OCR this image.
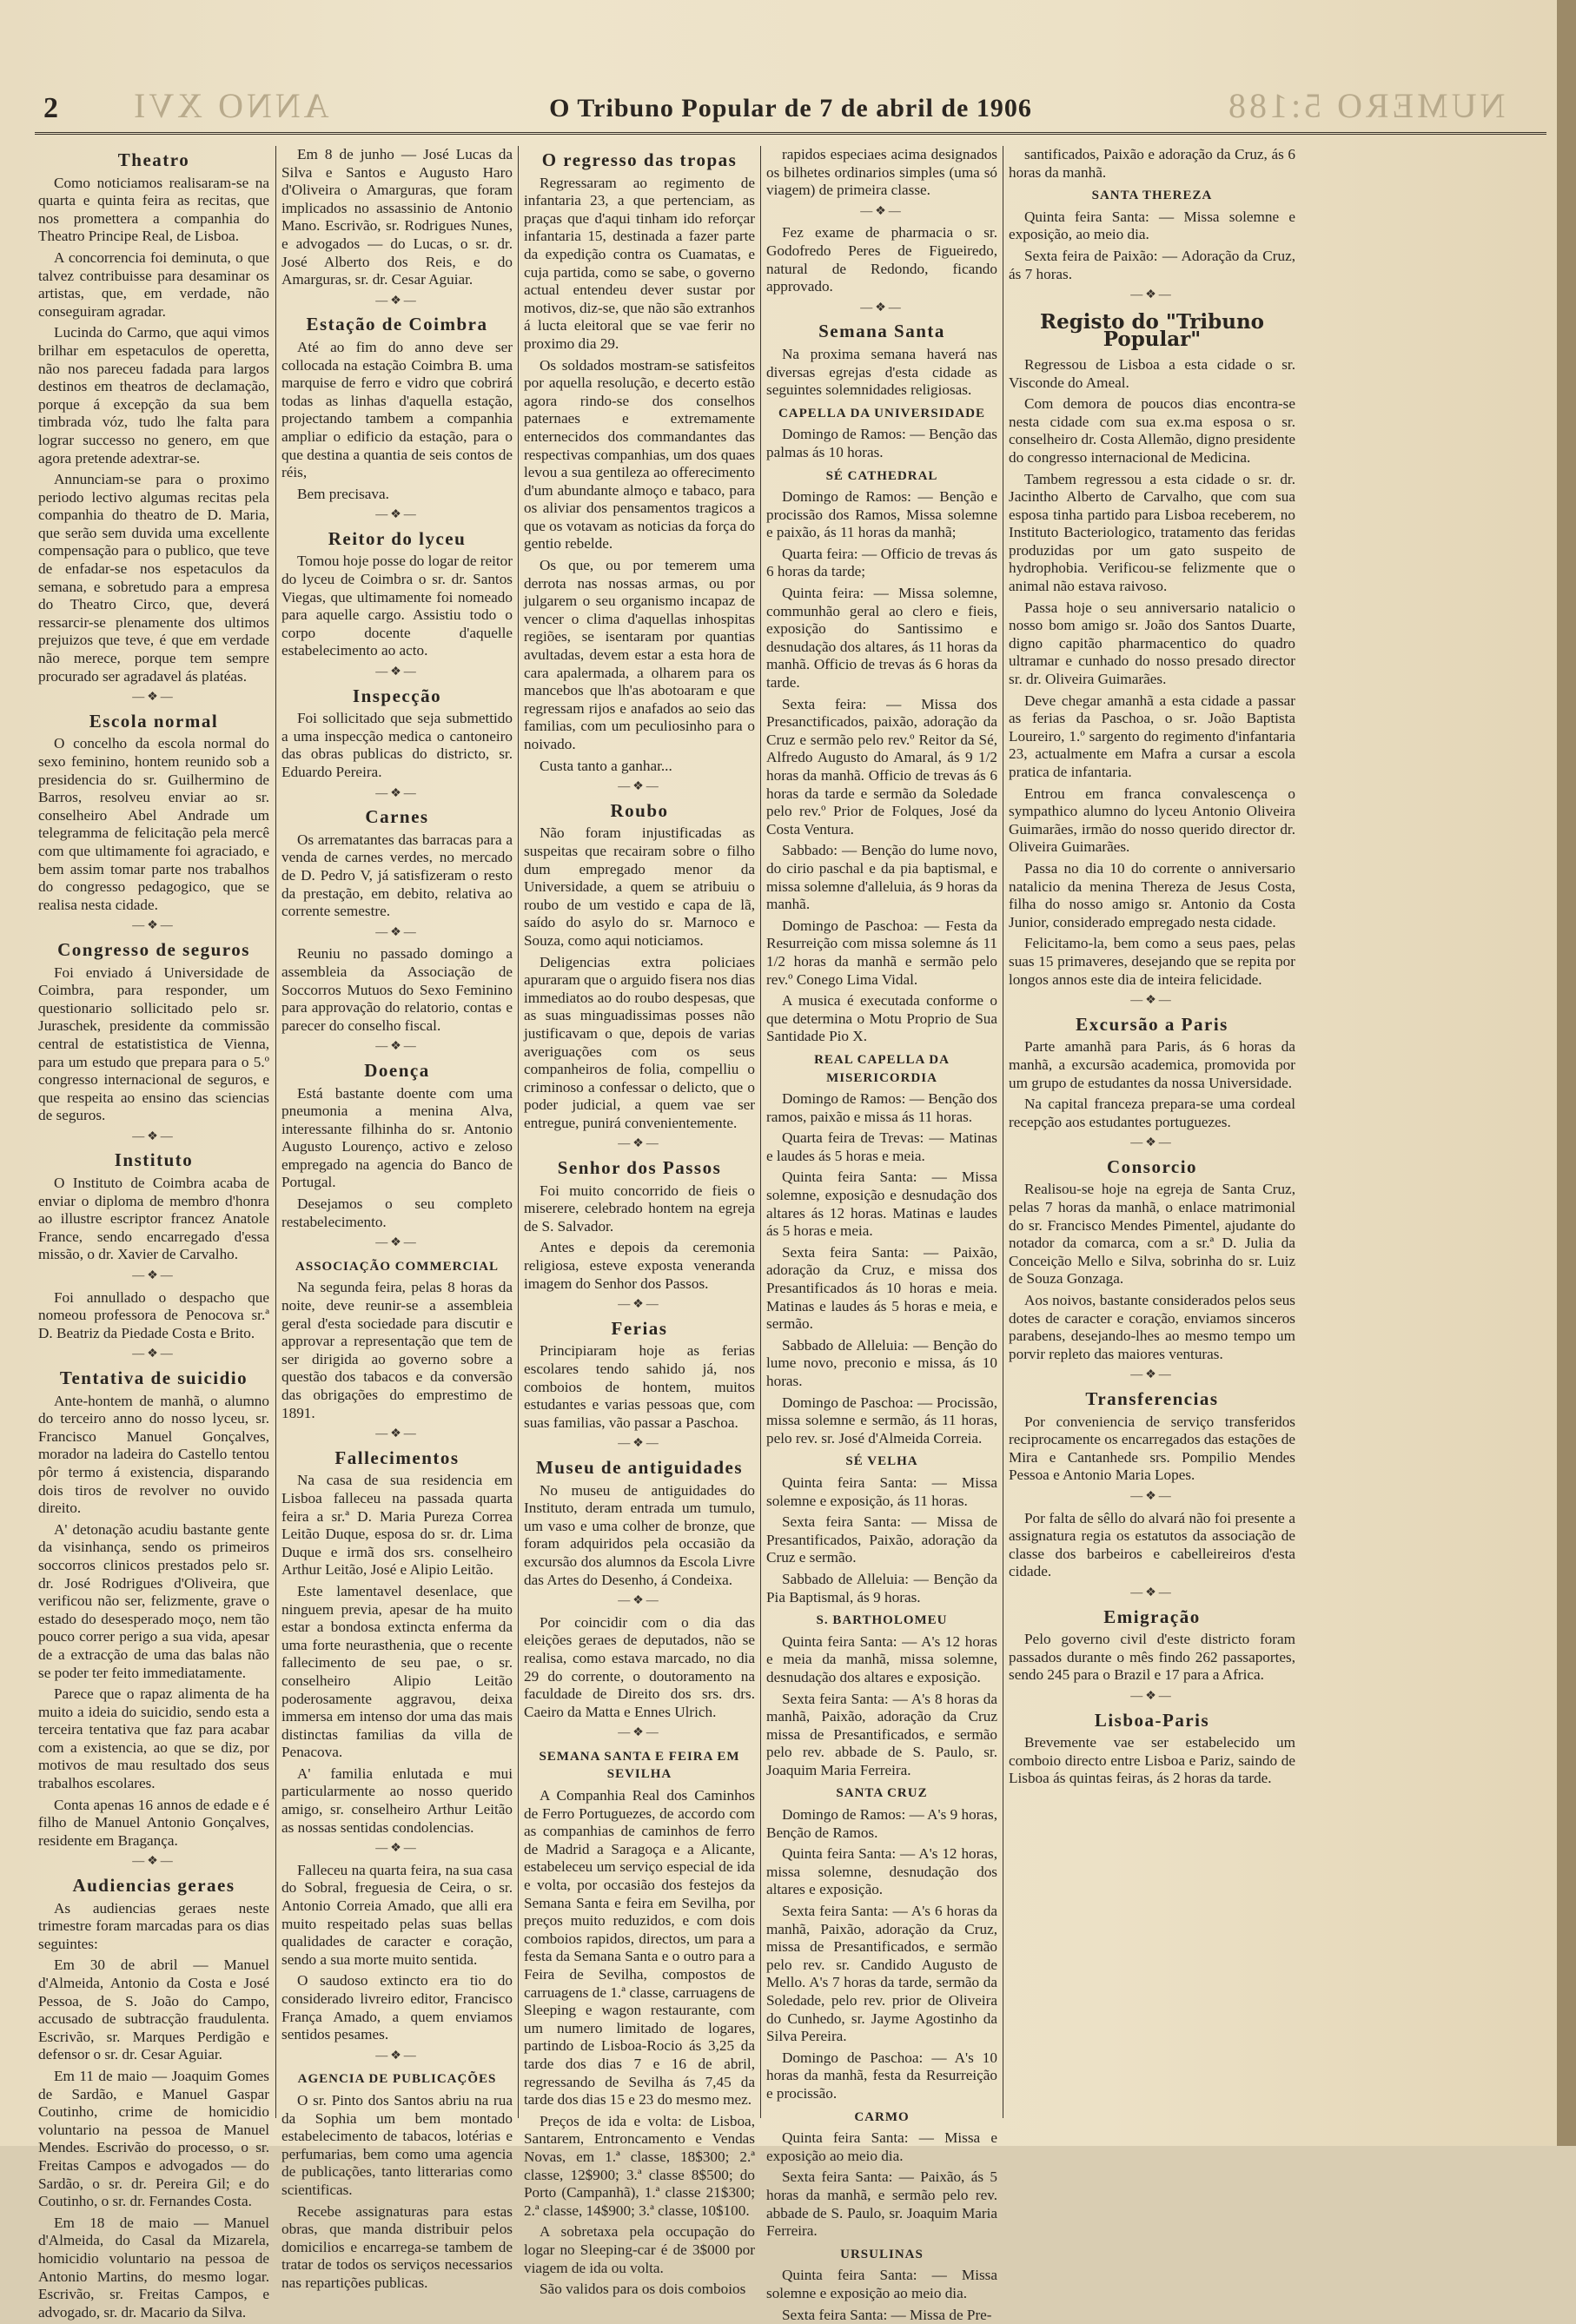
ANNO XVI	NUMERO 5:188
2	O Tribuno Popular de 7 de abril de 1906
Theatro

Como noticiamos realisaram-se na quarta e quinta feira as recitas, que nos promettera a companhia do Theatro Principe Real, de Lisboa.

A concorrencia foi deminuta, o que talvez contribuisse para desaminar os artistas, que, em verdade, não conseguiram agradar.

Lucinda do Carmo, que aqui vimos brilhar em espetaculos de operetta, não nos pareceu fadada para largos destinos em theatros de declamação, porque á excepção da sua bem timbrada vóz, tudo lhe falta para lograr successo no genero, em que agora pretende adextrar-se.

Annunciam-se para o proximo periodo lectivo algumas recitas pela companhia do theatro de D. Maria, que serão sem duvida uma excellente compensação para o publico, que teve de enfadar-se nos espetaculos da semana, e sobretudo para a empresa do Theatro Circo, que, deverá ressarcir-se plenamente dos ultimos prejuizos que teve, é que em verdade não merece, porque tem sempre procurado ser agradavel ás platéas.

—❖—
Escola normal

O concelho da escola normal do sexo feminino, hontem reunido sob a presidencia do sr. Guilhermino de Barros, resolveu enviar ao sr. conselheiro Abel Andrade um telegramma de felicitação pela mercê com que ultimamente foi agraciado, e bem assim tomar parte nos trabalhos do congresso pedagogico, que se realisa nesta cidade.

—❖—
Congresso de seguros

Foi enviado á Universidade de Coimbra, para responder, um questionario sollicitado pelo sr. Juraschek, presidente da commissão central de estatististica de Vienna, para um estudo que prepara para o 5.º congresso internacional de seguros, e que respeita ao ensino das sciencias de seguros.

—❖—
Instituto

O Instituto de Coimbra acaba de enviar o diploma de membro d'honra ao illustre escriptor francez Anatole France, sendo encarregado d'essa missão, o dr. Xavier de Carvalho.

—❖—

Foi annullado o despacho que nomeou professora de Penocova sr.ª D. Beatriz da Piedade Costa e Brito.

—❖—
Tentativa de suicidio

Ante-hontem de manhã, o alumno do terceiro anno do nosso lyceu, sr. Francisco Manuel Gonçalves, morador na ladeira do Castello tentou pôr termo á existencia, disparando dois tiros de revolver no ouvido direito.

A' detonação acudiu bastante gente da visinhança, sendo os primeiros soccorros clinicos prestados pelo sr. dr. José Rodrigues d'Oliveira, que verificou não ser, felizmente, grave o estado do desesperado moço, nem tão pouco correr perigo a sua vida, apesar de a extracção de uma das balas não se poder ter feito immediatamente.

Parece que o rapaz alimenta de ha muito a ideia do suicidio, sendo esta a terceira tentativa que faz para acabar com a existencia, ao que se diz, por motivos de mau resultado dos seus trabalhos escolares.

Conta apenas 16 annos de edade e é filho de Manuel Antonio Gonçalves, residente em Bragança.

—❖—
Audiencias geraes

As audiencias geraes neste trimestre foram marcadas para os dias seguintes:

Em 30 de abril — Manuel d'Almeida, Antonio da Costa e José Pessoa, de S. João do Campo, accusado de subtracção fraudulenta. Escrivão, sr. Marques Perdigão e defensor o sr. dr. Cesar Aguiar.

Em 11 de maio — Joaquim Gomes de Sardão, e Manuel Gaspar Coutinho, crime de homicidio voluntario na pessoa de Manuel Mendes. Escrivão do processo, o sr. Freitas Campos e advogados — do Sardão, o sr. dr. Pereira Gil; e do Coutinho, o sr. dr. Fernandes Costa.

Em 18 de maio — Manuel d'Almeida, do Casal da Mizarela, homicidio voluntario na pessoa de Antonio Martins, do mesmo logar. Escrivão, sr. Freitas Campos, e advogado, sr. dr. Macario da Silva.

Em 8 de junho — José Lucas da Silva e Santos e Augusto Haro d'Oliveira o Amarguras, que foram implicados no assassinio de Antonio Mano. Escrivão, sr. Rodrigues Nunes, e advogados — do Lucas, o sr. dr. José Alberto dos Reis, e do Amarguras, sr. dr. Cesar Aguiar.

—❖—
Estação de Coimbra

Até ao fim do anno deve ser collocada na estação Coimbra B. uma marquise de ferro e vidro que cobrirá todas as linhas d'aquella estação, projectando tambem a companhia ampliar o edificio da estação, para o que destina a quantia de seis contos de réis,

Bem precisava.

—❖—
Reitor do lyceu

Tomou hoje posse do logar de reitor do lyceu de Coimbra o sr. dr. Santos Viegas, que ultimamente foi nomeado para aquelle cargo. Assistiu todo o corpo docente d'aquelle estabelecimento ao acto.

—❖—
Inspecção

Foi sollicitado que seja submettido a uma inspecção medica o cantoneiro das obras publicas do districto, sr. Eduardo Pereira.

—❖—
Carnes

Os arrematantes das barracas para a venda de carnes verdes, no mercado de D. Pedro V, já satisfizeram o resto da prestação, em debito, relativa ao corrente semestre.

—❖—

Reuniu no passado domingo a assembleia da Associação de Soccorros Mutuos do Sexo Feminino para approvação do relatorio, contas e parecer do conselho fiscal.

—❖—
Doença

Está bastante doente com uma pneumonia a menina Alva, interessante filhinha do sr. Antonio Augusto Lourenço, activo e zeloso empregado na agencia do Banco de Portugal.

Desejamos o seu completo restabelecimento.

—❖—
ASSOCIAÇÃO COMMERCIAL

Na segunda feira, pelas 8 horas da noite, deve reunir-se a assembleia geral d'esta sociedade para discutir e approvar a representação que tem de ser dirigida ao governo sobre a questão dos tabacos e da conversão das obrigações do emprestimo de 1891.

—❖—
Fallecimentos

Na casa de sua residencia em Lisboa falleceu na passada quarta feira a sr.ª D. Maria Pureza Correa Leitão Duque, esposa do sr. dr. Lima Duque e irmã dos srs. conselheiro Arthur Leitão, José e Alipio Leitão.

Este lamentavel desenlace, que ninguem previa, apesar de ha muito estar a bondosa extincta enferma da uma forte neurasthenia, que o recente fallecimento de seu pae, o sr. conselheiro Alipio Leitão poderosamente aggravou, deixa immersa em intenso dor uma das mais distinctas familias da villa de Penacova.

A' familia enlutada e mui particularmente ao nosso querido amigo, sr. conselheiro Arthur Leitão as nossas sentidas condolencias.

—❖—

Falleceu na quarta feira, na sua casa do Sobral, freguesia de Ceira, o sr. Antonio Correia Amado, que alli era muito respeitado pelas suas bellas qualidades de caracter e coração, sendo a sua morte muito sentida.

O saudoso extincto era tio do considerado livreiro editor, Francisco França Amado, a quem enviamos sentidos pesames.

—❖—
AGENCIA DE PUBLICAÇÕES

O sr. Pinto dos Santos abriu na rua da Sophia um bem montado estabelecimento de tabacos, lotérias e perfumarias, bem como uma agencia de publicações, tanto litterarias como scientificas.

Recebe assignaturas para estas obras, que manda distribuir pelos domicilios e encarrega-se tambem de tratar de todos os serviços necessarios nas repartições publicas.

O regresso das tropas

Regressaram ao regimento de infantaria 23, a que pertenciam, as praças que d'aqui tinham ido reforçar infantaria 15, destinada a fazer parte da expedição contra os Cuamatas, e cuja partida, como se sabe, o governo actual entendeu dever sustar por motivos, diz-se, que não são extranhos á lucta eleitoral que se vae ferir no proximo dia 29.

Os soldados mostram-se satisfeitos por aquella resolução, e decerto estão agora rindo-se dos conselhos paternaes e extremamente enternecidos dos commandantes das respectivas companhias, um dos quaes levou a sua gentileza ao offerecimento d'um abundante almoço e tabaco, para os aliviar dos pensamentos tragicos a que os votavam as noticias da força do gentio rebelde.

Os que, ou por temerem uma derrota nas nossas armas, ou por julgarem o seu organismo incapaz de vencer o clima d'aquellas inhospitas regiões, se isentaram por quantias avultadas, devem estar a esta hora de cara apalermada, a olharem para os mancebos que lh'as abotoaram e que regressam rijos e anafados ao seio das familias, com um peculiosinho para o noivado.

Custa tanto a ganhar...

—❖—
Roubo

Não foram injustificadas as suspeitas que recairam sobre o filho dum empregado menor da Universidade, a quem se atribuiu o roubo de um vestido e capa de lã, saído do asylo do sr. Marnoco e Souza, como aqui noticiamos.

Deligencias extra policiaes apuraram que o arguido fisera nos dias immediatos ao do roubo despesas, que as suas minguadissimas posses não justificavam o que, depois de varias averiguações com os seus companheiros de folia, compelliu o criminoso a confessar o delicto, que o poder judicial, a quem vae ser entregue, punirá convenientemente.

—❖—
Senhor dos Passos

Foi muito concorrido de fieis o miserere, celebrado hontem na egreja de S. Salvador.

Antes e depois da ceremonia religiosa, esteve exposta veneranda imagem do Senhor dos Passos.

—❖—
Ferias

Principiaram hoje as ferias escolares tendo sahido já, nos comboios de hontem, muitos estudantes e varias pessoas que, com suas familias, vão passar a Paschoa.

—❖—
Museu de antiguidades

No museu de antiguidades do Instituto, deram entrada um tumulo, um vaso e uma colher de bronze, que foram adquiridos pela occasião da excursão dos alumnos da Escola Livre das Artes do Desenho, á Condeixa.

—❖—

Por coincidir com o dia das eleições geraes de deputados, não se realisa, como estava marcado, no dia 29 do corrente, o doutoramento na faculdade de Direito dos srs. drs. Caeiro da Matta e Ennes Ulrich.

—❖—
SEMANA SANTA E FEIRA EM SEVILHA

A Companhia Real dos Caminhos de Ferro Portuguezes, de accordo com as companhias de caminhos de ferro de Madrid a Saragoça e a Alicante, estabeleceu um serviço especial de ida e volta, por occasião dos festejos da Semana Santa e feira em Sevilha, por preços muito reduzidos, e com dois comboios rapidos, directos, um para a festa da Semana Santa e o outro para a Feira de Sevilha, compostos de carruagens de 1.ª classe, carruagens de Sleeping e wagon restaurante, com um numero limitado de logares, partindo de Lisboa-Rocio ás 3,25 da tarde dos dias 7 e 16 de abril, regressando de Sevilha ás 7,45 da tarde dos dias 15 e 23 do mesmo mez.

Preços de ida e volta: de Lisboa, Santarem, Entroncamento e Vendas Novas, em 1.ª classe, 18$300; 2.ª classe, 12$900; 3.ª classe 8$500; do Porto (Campanhã), 1.ª classe 21$300; 2.ª classe, 14$900; 3.ª classe, 10$100.

A sobretaxa pela occupação do logar no Sleeping-car é de 3$000 por viagem de ida ou volta.

São validos para os dois comboios

rapidos especiaes acima designados os bilhetes ordinarios simples (uma só viagem) de primeira classe.

—❖—

Fez exame de pharmacia o sr. Godofredo Peres de Figueiredo, natural de Redondo, ficando approvado.

—❖—
Semana Santa

Na proxima semana haverá nas diversas egrejas d'esta cidade as seguintes solemnidades religiosas.

CAPELLA DA UNIVERSIDADE

Domingo de Ramos: — Benção das palmas ás 10 horas.

SÉ CATHEDRAL

Domingo de Ramos: — Benção e procissão dos Ramos, Missa solemne e paixão, ás 11 horas da manhã;

Quarta feira: — Officio de trevas ás 6 horas da tarde;

Quinta feira: — Missa solemne, communhão geral ao clero e fieis, exposição do Santissimo e desnudação dos altares, ás 11 horas da manhã. Officio de trevas ás 6 horas da tarde.

Sexta feira: — Missa dos Presanctificados, paixão, adoração da Cruz e sermão pelo rev.º Reitor da Sé, Alfredo Augusto do Amaral, ás 9 1/2 horas da manhã. Officio de trevas ás 6 horas da tarde e sermão da Soledade pelo rev.º Prior de Folques, José da Costa Ventura.

Sabbado: — Benção do lume novo, do cirio paschal e da pia baptismal, e missa solemne d'alleluia, ás 9 horas da manhã.

Domingo de Paschoa: — Festa da Resurreição com missa solemne ás 11 1/2 horas da manhã e sermão pelo rev.º Conego Lima Vidal.

A musica é executada conforme o que determina o Motu Proprio de Sua Santidade Pio X.

REAL CAPELLA DA MISERICORDIA

Domingo de Ramos: — Benção dos ramos, paixão e missa ás 11 horas.

Quarta feira de Trevas: — Matinas e laudes ás 5 horas e meia.

Quinta feira Santa: — Missa solemne, exposição e desnudação dos altares ás 12 horas. Matinas e laudes ás 5 horas e meia.

Sexta feira Santa: — Paixão, adoração da Cruz, e missa dos Presantificados ás 10 horas e meia. Matinas e laudes ás 5 horas e meia, e sermão.

Sabbado de Alleluia: — Benção do lume novo, preconio e missa, ás 10 horas.

Domingo de Paschoa: — Procissão, missa solemne e sermão, ás 11 horas, pelo rev. sr. José d'Almeida Correia.

SÉ VELHA

Quinta feira Santa: — Missa solemne e exposição, ás 11 horas.

Sexta feira Santa: — Missa de Presantificados, Paixão, adoração da Cruz e sermão.

Sabbado de Alleluia: — Benção da Pia Baptismal, ás 9 horas.

S. BARTHOLOMEU

Quinta feira Santa: — A's 12 horas e meia da manhã, missa solemne, desnudação dos altares e exposição.

Sexta feira Santa: — A's 8 horas da manhã, Paixão, adoração da Cruz missa de Presantificados, e sermão pelo rev. abbade de S. Paulo, sr. Joaquim Maria Ferreira.

SANTA CRUZ

Domingo de Ramos: — A's 9 horas, Benção de Ramos.

Quinta feira Santa: — A's 12 horas, missa solemne, desnudação dos altares e exposição.

Sexta feira Santa: — A's 6 horas da manhã, Paixão, adoração da Cruz, missa de Presantificados, e sermão pelo rev. sr. Candido Augusto de Mello. A's 7 horas da tarde, sermão da Soledade, pelo rev. prior de Oliveira do Cunhedo, sr. Jayme Agostinho da Silva Pereira.

Domingo de Paschoa: — A's 10 horas da manhã, festa da Resurreição e procissão.

CARMO

Quinta feira Santa: — Missa e exposição ao meio dia.

Sexta feira Santa: — Paixão, ás 5 horas da manhã, e sermão pelo rev. abbade de S. Paulo, sr. Joaquim Maria Ferreira.

URSULINAS

Quinta feira Santa: — Missa solemne e exposição ao meio dia.

Sexta feira Santa: — Missa de Pre-

santificados, Paixão e adoração da Cruz, ás 6 horas da manhã.

SANTA THEREZA

Quinta feira Santa: — Missa solemne e exposição, ao meio dia.

Sexta feira de Paixão: — Adoração da Cruz, ás 7 horas.

—❖—
Registo do "Tribuno Popular"

Regressou de Lisboa a esta cidade o sr. Visconde do Ameal.

Com demora de poucos dias encontra-se nesta cidade com sua ex.ma esposa o sr. conselheiro dr. Costa Allemão, digno presidente do congresso internacional de Medicina.

Tambem regressou a esta cidade o sr. dr. Jacintho Alberto de Carvalho, que com sua esposa tinha partido para Lisboa receberem, no Instituto Bacteriologico, tratamento das feridas produzidas por um gato suspeito de hydrophobia. Verificou-se felizmente que o animal não estava raivoso.

Passa hoje o seu anniversario natalicio o nosso bom amigo sr. João dos Santos Duarte, digno capitão pharmacentico do quadro ultramar e cunhado do nosso presado director sr. dr. Oliveira Guimarães.

Deve chegar amanhã a esta cidade a passar as ferias da Paschoa, o sr. João Baptista Loureiro, 1.º sargento do regimento d'infantaria 23, actualmente em Mafra a cursar a escola pratica de infantaria.

Entrou em franca convalescença o sympathico alumno do lyceu Antonio Oliveira Guimarães, irmão do nosso querido director dr. Oliveira Guimarães.

Passa no dia 10 do corrente o anniversario natalicio da menina Thereza de Jesus Costa, filha do nosso amigo sr. Antonio da Costa Junior, considerado empregado nesta cidade.

Felicitamo-la, bem como a seus paes, pelas suas 15 primaveres, desejando que se repita por longos annos este dia de inteira felicidade.

—❖—
Excursão a Paris

Parte amanhã para Paris, ás 6 horas da manhã, a excursão academica, promovida por um grupo de estudantes da nossa Universidade.

Na capital franceza prepara-se uma cordeal recepção aos estudantes portuguezes.

—❖—
Consorcio

Realisou-se hoje na egreja de Santa Cruz, pelas 7 horas da manhã, o enlace matrimonial do sr. Francisco Mendes Pimentel, ajudante do notador da comarca, com a sr.ª D. Julia da Conceição Mello e Silva, sobrinha do sr. Luiz de Souza Gonzaga.

Aos noivos, bastante considerados pelos seus dotes de caracter e coração, enviamos sinceros parabens, desejando-lhes ao mesmo tempo um porvir repleto das maiores venturas.

—❖—
Transferencias

Por conveniencia de serviço transferidos reciprocamente os encarregados das estações de Mira e Cantanhede srs. Pompilio Mendes Pessoa e Antonio Maria Lopes.

—❖—

Por falta de sêllo do alvará não foi presente a assignatura regia os estatutos da associação de classe dos barbeiros e cabelleireiros d'esta cidade.

—❖—
Emigração

Pelo governo civil d'este districto foram passados durante o mês findo 262 passaportes, sendo 245 para o Brazil e 17 para a Africa.

—❖—
Lisboa-Paris

Brevemente vae ser estabelecido um comboio directo entre Lisboa e Pariz, saindo de Lisboa ás quintas feiras, ás 2 horas da tarde.
